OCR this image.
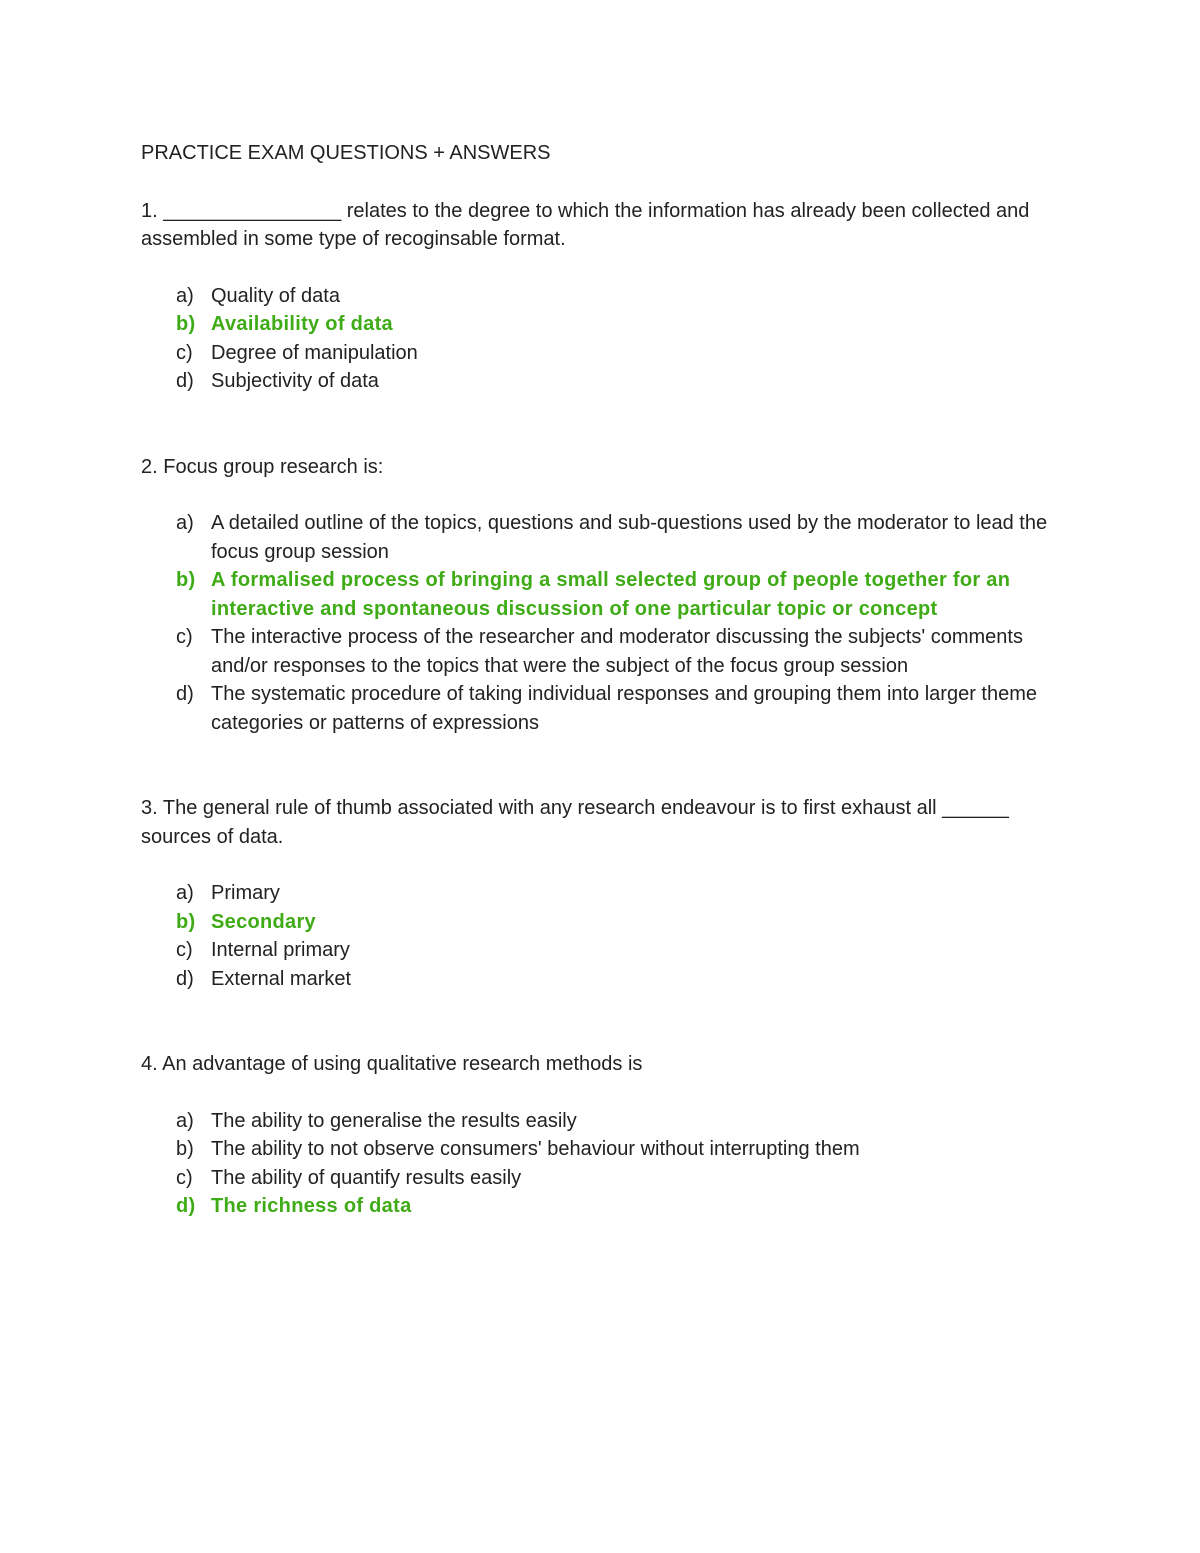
PRACTICE EXAM QUESTIONS + ANSWERS

1. ________________ relates to the degree to which the information has already been collected and assembled in some type of recoginsable format.

a) Quality of data
b) Availability of data
c) Degree of manipulation
d) Subjectivity of data

2. Focus group research is:

a) A detailed outline of the topics, questions and sub-questions used by the moderator to lead the focus group session
b) A formalised process of bringing a small selected group of people together for an interactive and spontaneous discussion of one particular topic or concept
c) The interactive process of the researcher and moderator discussing the subjects' comments and/or responses to the topics that were the subject of the focus group session
d) The systematic procedure of taking individual responses and grouping them into larger theme categories or patterns of expressions

3. The general rule of thumb associated with any research endeavour is to first exhaust all ______ sources of data.

a) Primary
b) Secondary
c) Internal primary
d) External market

4. An advantage of using qualitative research methods is

a) The ability to generalise the results easily
b) The ability to not observe consumers' behaviour without interrupting them
c) The ability of quantify results easily
d) The richness of data
